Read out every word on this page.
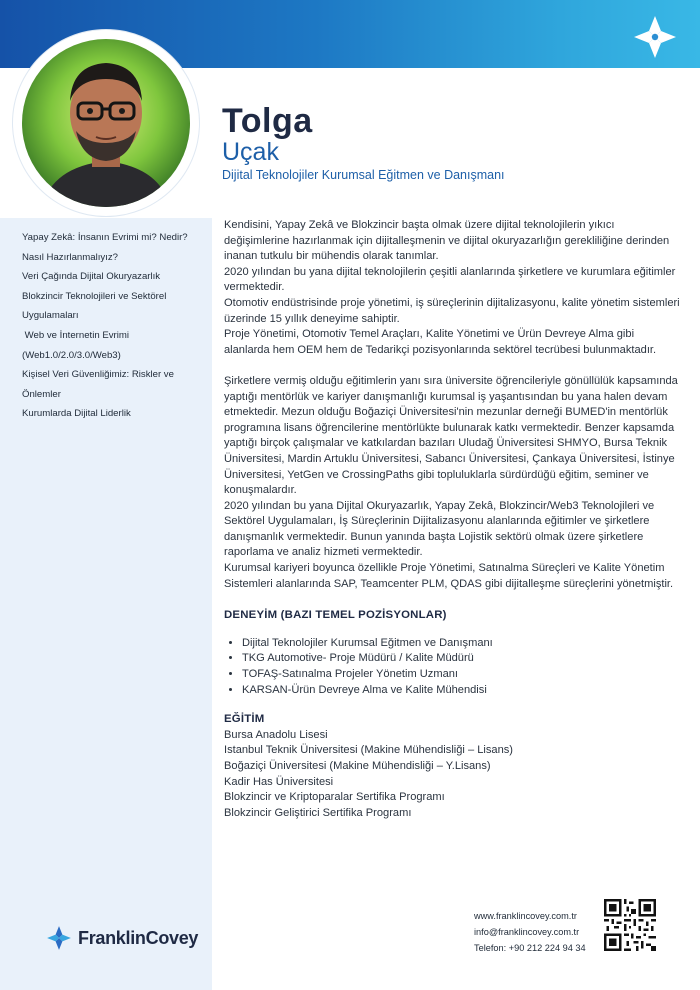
Tolga
Uçak
Dijital Teknolojiler Kurumsal Eğitmen ve Danışmanı
Yapay Zekâ: İnsanın Evrimi mi? Nedir?
Nasıl Hazırlanmalıyız?
Veri Çağında Dijital Okuryazarlık
Blokzincir Teknolojileri ve Sektörel
Uygulamaları
Web ve İnternetin Evrimi
(Web1.0/2.0/3.0/Web3)
Kişisel Veri Güvenliğimiz: Riskler ve
Önlemler
Kurumlarda Dijital Liderlik

Kendisini, Yapay Zekâ ve Blokzincir başta olmak üzere dijital teknolojilerin yıkıcı değişimlerine hazırlanmak için dijitalleşmenin ve dijital okuryazarlığın gerekliliğine derinden inanan tutkulu bir mühendis olarak tanımlar.

2020 yılından bu yana dijital teknolojilerin çeşitli alanlarında şirketlere ve kurumlara eğitimler vermektedir.

Otomotiv endüstrisinde proje yönetimi, iş süreçlerinin dijitalizasyonu, kalite yönetim sistemleri üzerinde 15 yıllık deneyime sahiptir.

Proje Yönetimi, Otomotiv Temel Araçları, Kalite Yönetimi ve Ürün Devreye Alma gibi alanlarda hem OEM hem de Tedarikçi pozisyonlarında sektörel tecrübesi bulunmaktadır.

Şirketlere vermiş olduğu eğitimlerin yanı sıra üniversite öğrencileriyle gönüllülük kapsamında yaptığı mentörlük ve kariyer danışmanlığı kurumsal iş yaşantısından bu yana halen devam etmektedir. Mezun olduğu Boğaziçi Üniversitesi'nin mezunlar derneği BUMED'in mentörlük programına lisans öğrencilerine mentörlükte bulunarak katkı vermektedir. Benzer kapsamda yaptığı birçok çalışmalar ve katkılardan bazıları Uludağ Üniversitesi SHMYO, Bursa Teknik Üniversitesi, Mardin Artuklu Üniversitesi, Sabancı Üniversitesi, Çankaya Üniversitesi, İstinye Üniversitesi, YetGen ve CrossingPaths gibi topluluklarla sürdürdüğü eğitim, seminer ve konuşmalardır.

2020 yılından bu yana Dijital Okuryazarlık, Yapay Zekâ, Blokzincir/Web3 Teknolojileri ve Sektörel Uygulamaları, İş Süreçlerinin Dijitalizasyonu alanlarında eğitimler ve şirketlere danışmanlık vermektedir. Bunun yanında başta Lojistik sektörü olmak üzere şirketlere raporlama ve analiz hizmeti vermektedir.

Kurumsal kariyeri boyunca özellikle Proje Yönetimi, Satınalma Süreçleri ve Kalite Yönetim Sistemleri alanlarında SAP, Teamcenter PLM, QDAS gibi dijitalleşme süreçlerini yönetmiştir.

DENEYİM (BAZI TEMEL POZİSYONLAR)
• Dijital Teknolojiler Kurumsal Eğitmen ve Danışmanı
• TKG Automotive- Proje Müdürü / Kalite Müdürü
• TOFAŞ-Satınalma Projeler Yönetim Uzmanı
• KARSAN-Ürün Devreye Alma ve Kalite Mühendisi
EĞİTİM
Bursa Anadolu Lisesi
Istanbul Teknik Üniversitesi (Makine Mühendisliği – Lisans)
Boğaziçi Üniversitesi (Makine Mühendisliği – Y.Lisans)
Kadir Has Üniversitesi
Blokzincir ve Kriptoparalar Sertifika Programı
Blokzincir Geliştirici Sertifika Programı
FranklinCovey
www.franklincovey.com.tr
info@franklincovey.com.tr
Telefon: +90 212 224 94 34
